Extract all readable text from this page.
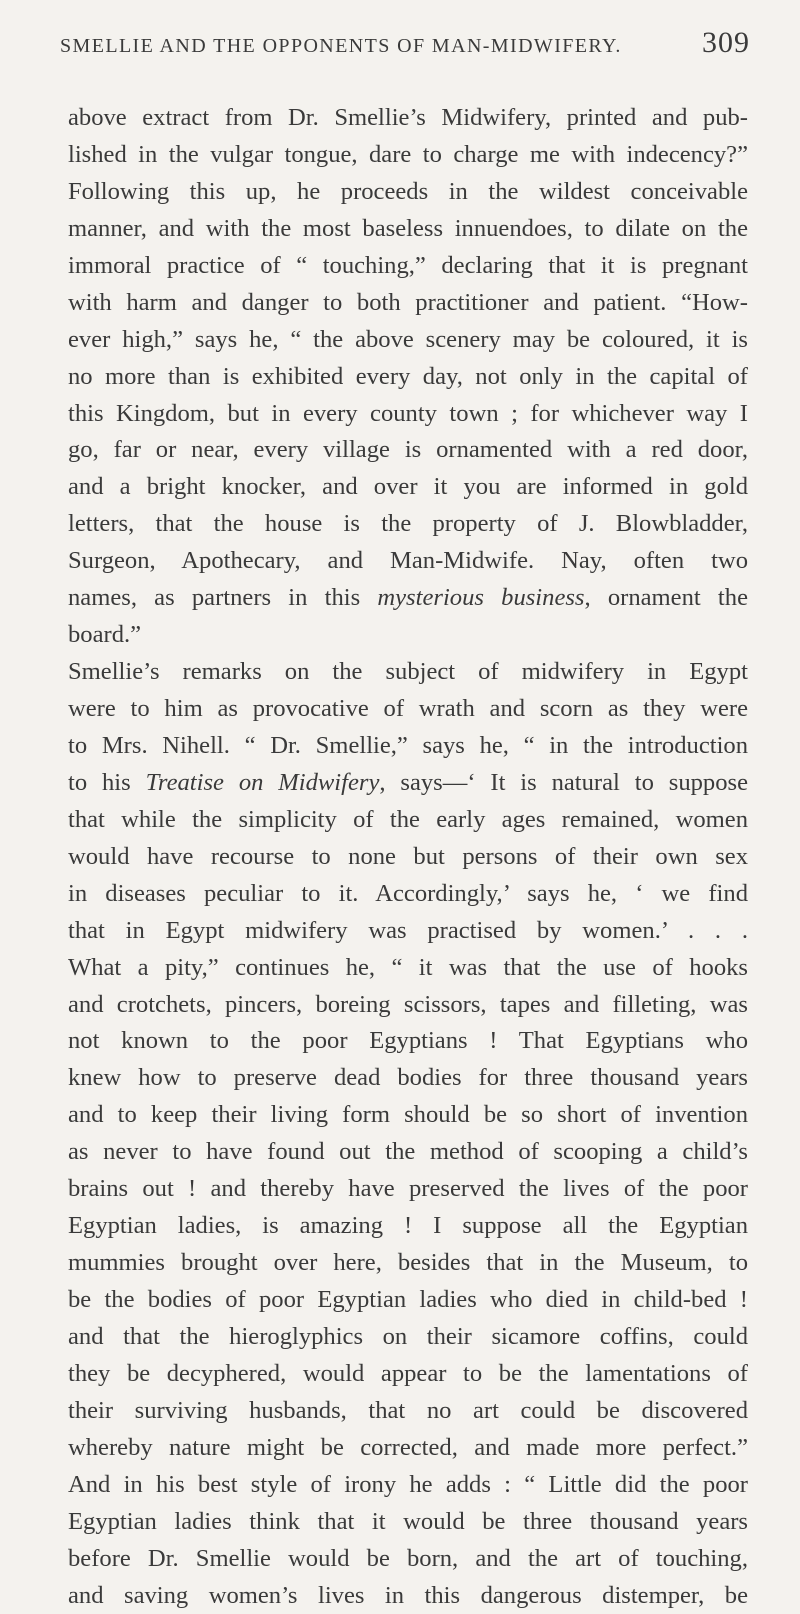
SMELLIE AND THE OPPONENTS OF MAN-MIDWIFERY.	309
above extract from Dr. Smellie’s Midwifery, printed and pub-
lished in the vulgar tongue, dare to charge me with indecency?”
Following this up, he proceeds in the wildest conceivable
manner, and with the most baseless innuendoes, to dilate on the
immoral practice of “ touching,” declaring that it is pregnant
with harm and danger to both practitioner and patient. “How-
ever high,” says he, “ the above scenery may be coloured, it is
no more than is exhibited every day, not only in the capital of
this Kingdom, but in every county town ; for whichever way I
go, far or near, every village is ornamented with a red door,
and a bright knocker, and over it you are informed in gold
letters, that the house is the property of J. Blowbladder,
Surgeon, Apothecary, and Man-Midwife. Nay, often two
names, as partners in this mysterious business, ornament the
board.”
Smellie’s remarks on the subject of midwifery in Egypt
were to him as provocative of wrath and scorn as they were
to Mrs. Nihell. “ Dr. Smellie,” says he, “ in the introduction
to his Treatise on Midwifery, says—‘ It is natural to suppose
that while the simplicity of the early ages remained, women
would have recourse to none but persons of their own sex
in diseases peculiar to it. Accordingly,’ says he, ‘ we find
that in Egypt midwifery was practised by women.’ . . .
What a pity,” continues he, “ it was that the use of hooks
and crotchets, pincers, boreing scissors, tapes and filleting, was
not known to the poor Egyptians ! That Egyptians who
knew how to preserve dead bodies for three thousand years
and to keep their living form should be so short of invention
as never to have found out the method of scooping a child’s
brains out ! and thereby have preserved the lives of the poor
Egyptian ladies, is amazing ! I suppose all the Egyptian
mummies brought over here, besides that in the Museum, to
be the bodies of poor Egyptian ladies who died in child-bed !
and that the hieroglyphics on their sicamore coffins, could
they be decyphered, would appear to be the lamentations of
their surviving husbands, that no art could be discovered
whereby nature might be corrected, and made more perfect.”
And in his best style of irony he adds : “ Little did the poor
Egyptian ladies think that it would be three thousand years
before Dr. Smellie would be born, and the art of touching,
and saving women’s lives in this dangerous distemper, be
